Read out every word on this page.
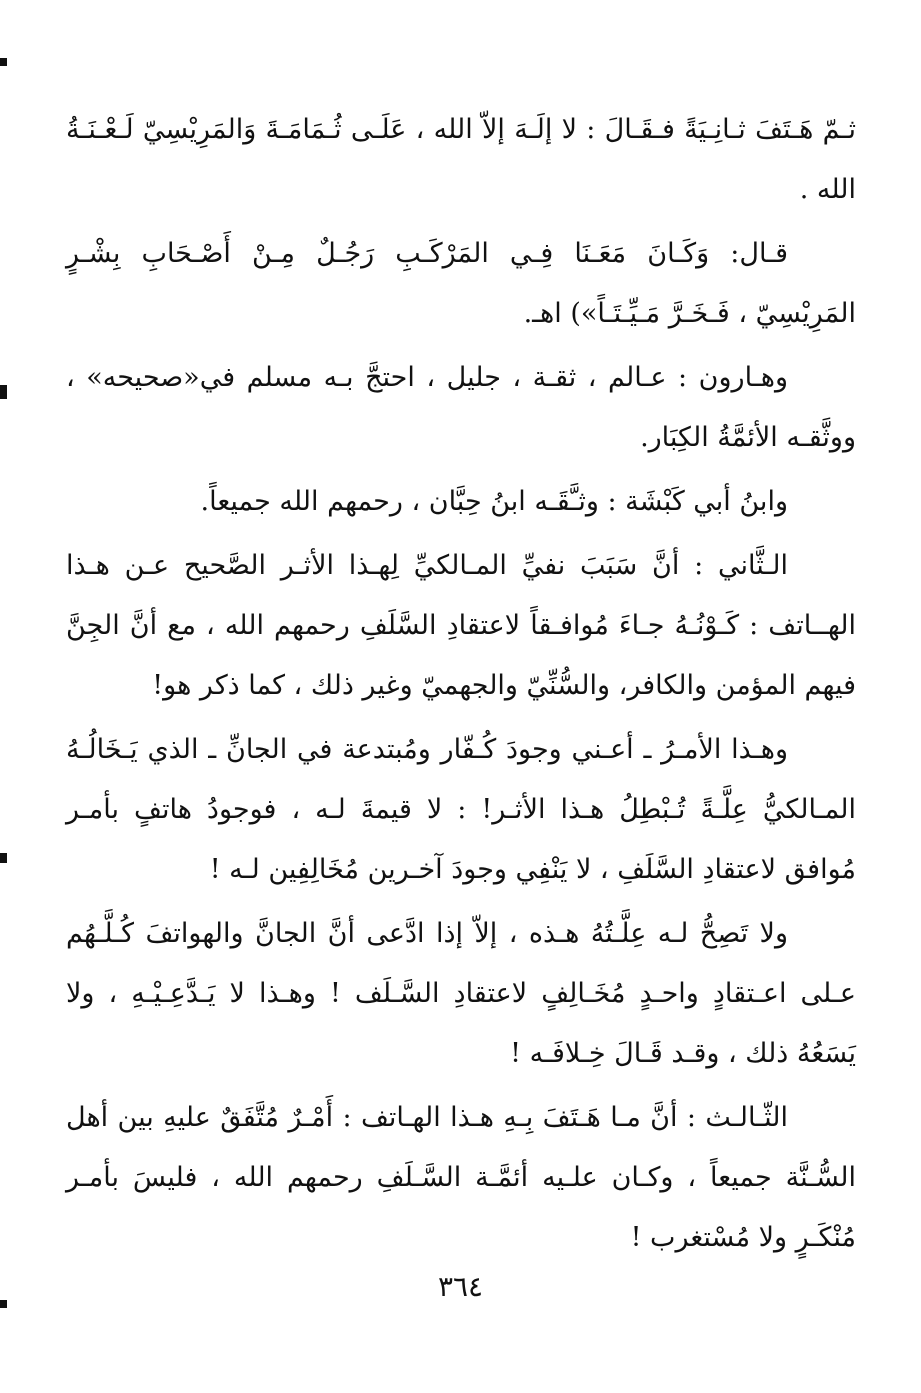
ثـمّ هَـتَفَ ثـانِـيَةً فـقَـالَ : لا إلَـهَ إلاّ الله ، عَلَـى ثُـمَامَـةَ وَالمَرِيْسِيّ لَـعْـنَـةُ الله .

قـال: وَكَـانَ مَعَـنَا فِـي المَرْكَـبِ رَجُـلٌ مِـنْ أَصْـحَابِ بِشْـرٍ المَرِيْسِيّ ، فَـخَـرَّ مَـيِّـتَـاً») اهـ.

وهـارون : عـالم ، ثقـة ، جليل ، احتجَّ بـه مسلم في«صحيحه» ، ووثَّقـه الأئمَّةُ الكِبَار.

وابنُ أبي كَبْشَة : وثـَّقَـه ابنُ حِبَّان ، رحمهم الله جميعاً.

الـثَّاني : أنَّ سَبَبَ نفيِّ المـالكيِّ لِهـذا الأثـر الصَّحيح عـن هـذا الهــاتف : كَـوْنُـهُ جـاءَ مُوافـقاً لاعتقادِ السَّلَفِ رحمهم الله ، مع أنَّ الجِنَّ فيهم المؤمن والكافر، والسُّنِّيّ والجهميّ وغير ذلك ، كما ذكر هو!

وهـذا الأمـرُ ـ أعـني وجودَ كُـفّار ومُبتدعة في الجانِّ ـ الذي يَـخَالُـهُ المـالكيُّ عِلَّـةً تُـبْطِلُ هـذا الأثـر! : لا قيمةَ لـه ، فوجودُ هاتفٍ بأمـر مُوافق لاعتقادِ السَّلَفِ ، لا يَنْفِي وجودَ آخـرين مُخَالِفِين لـه !

ولا تَصِحُّ لـه عِلَّـتُهُ هـذه ، إلاّ إذا ادَّعى أنَّ الجانَّ والهواتفَ كُـلَّـهُم عـلى اعـتقادٍ واحـدٍ مُخَـالِفٍ لاعتقادِ السَّـلَف ! وهـذا لا يَـدَّعِـيْـهِ ، ولا يَسَعُهُ ذلك ، وقـد قَـالَ خِـلافَـه !

الثّـالـث : أنَّ مـا هَـتَفَ بِـهِ هـذا الهـاتف : أَمْـرٌ مُتَّفَقٌ عليهِ بين أهل السُّـنَّة جميعاً ، وكـان علـيه أئمَّـة السَّـلَفِ رحمهم الله ، فليسَ بأمـر مُنْكَـرٍ ولا مُسْتغرب !

٣٦٤
